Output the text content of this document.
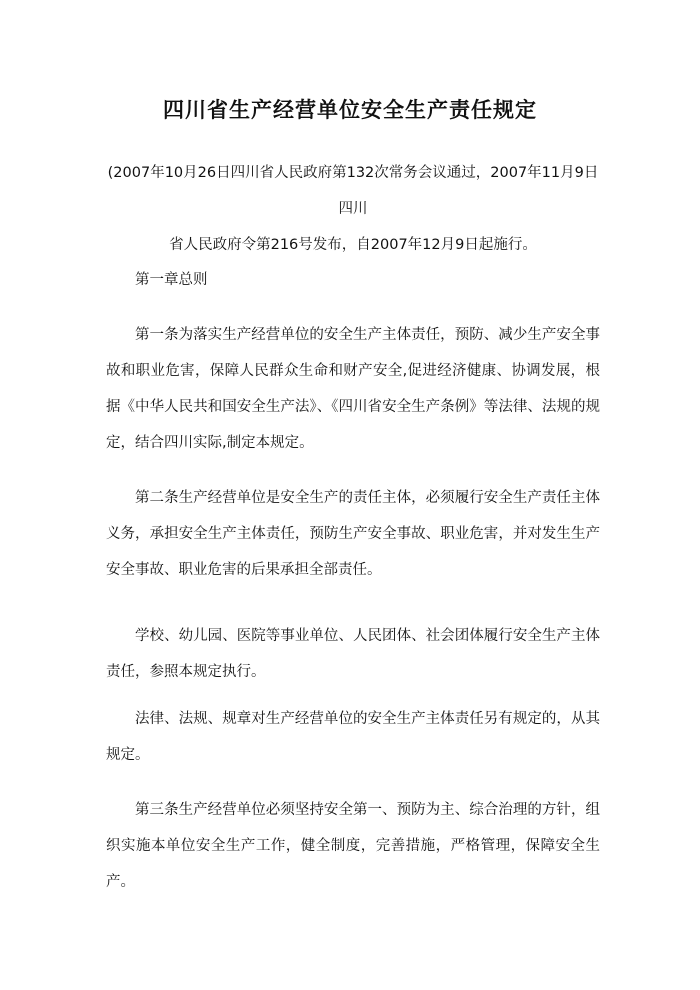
四川省生产经营单位安全生产责任规定
(2007年10月26日四川省人民政府第132次常务会议通过，2007年11月9日四川
省人民政府令第216号发布，自2007年12月9日起施行。

第一章总则

第一条为落实生产经营单位的安全生产主体责任，预防、减少生产安全事故和职业危害，保障人民群众生命和财产安全,促进经济健康、协调发展，根据《中华人民共和国安全生产法》、《四川省安全生产条例》等法律、法规的规定，结合四川实际,制定本规定。

第二条生产经营单位是安全生产的责任主体，必须履行安全生产责任主体义务，承担安全生产主体责任，预防生产安全事故、职业危害，并对发生生产安全事故、职业危害的后果承担全部责任。

学校、幼儿园、医院等事业单位、人民团体、社会团体履行安全生产主体责任，参照本规定执行。

法律、法规、规章对生产经营单位的安全生产主体责任另有规定的，从其规定。

第三条生产经营单位必须坚持安全第一、预防为主、综合治理的方针，组织实施本单位安全生产工作，健全制度，完善措施，严格管理，保障安全生产。
